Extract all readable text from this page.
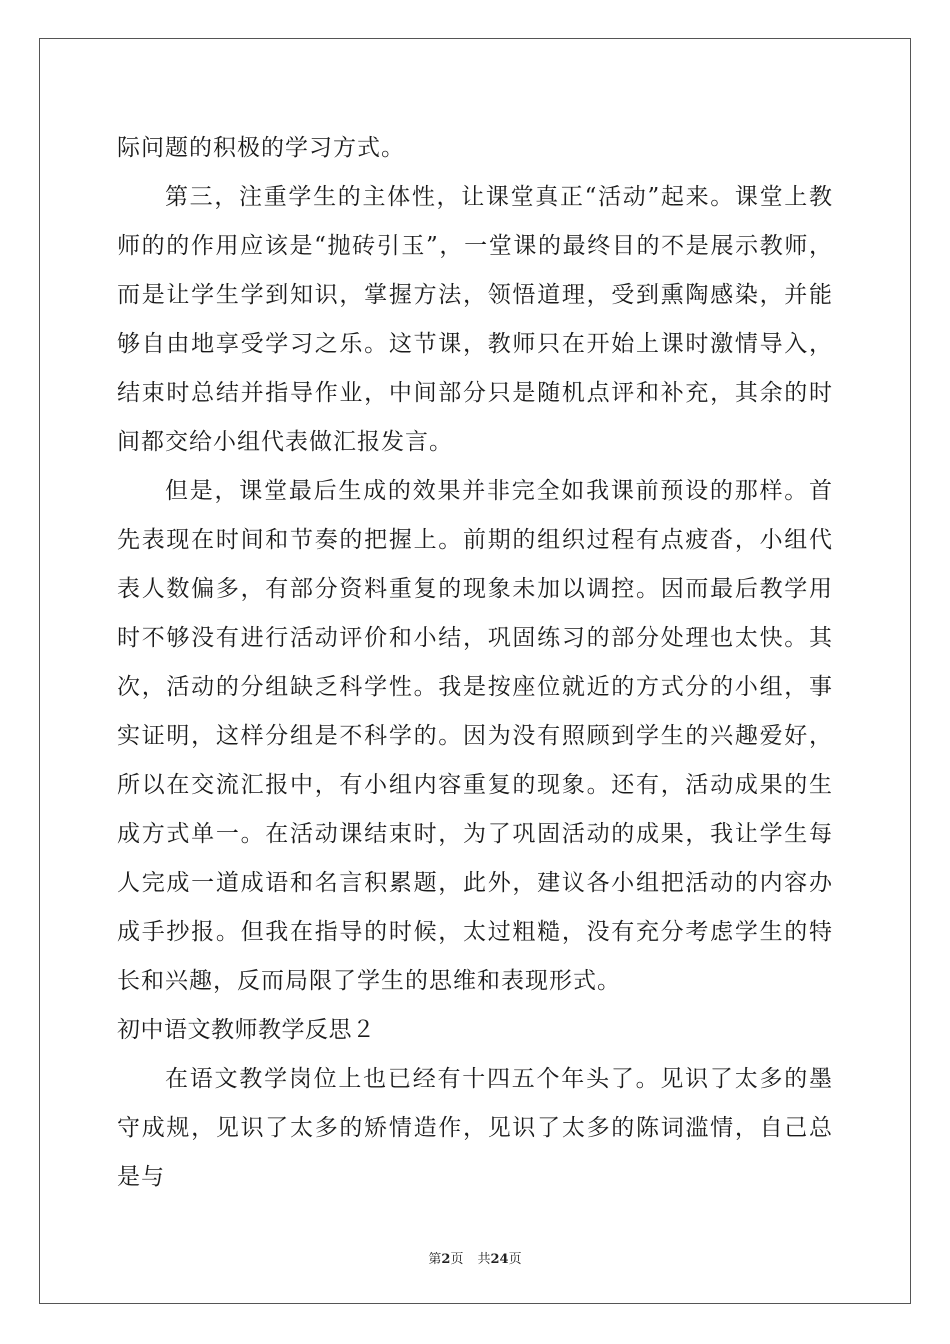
际问题的积极的学习方式。

第三，注重学生的主体性，让课堂真正“活动”起来。课堂上教师的的作用应该是“抛砖引玉”，一堂课的最终目的不是展示教师，而是让学生学到知识，掌握方法，领悟道理，受到熏陶感染，并能够自由地享受学习之乐。这节课，教师只在开始上课时激情导入，结束时总结并指导作业，中间部分只是随机点评和补充，其余的时间都交给小组代表做汇报发言。

但是，课堂最后生成的效果并非完全如我课前预设的那样。首先表现在时间和节奏的把握上。前期的组织过程有点疲沓，小组代表人数偏多，有部分资料重复的现象未加以调控。因而最后教学用时不够没有进行活动评价和小结，巩固练习的部分处理也太快。其次，活动的分组缺乏科学性。我是按座位就近的方式分的小组，事实证明，这样分组是不科学的。因为没有照顾到学生的兴趣爱好，所以在交流汇报中，有小组内容重复的现象。还有，活动成果的生成方式单一。在活动课结束时，为了巩固活动的成果，我让学生每人完成一道成语和名言积累题，此外，建议各小组把活动的内容办成手抄报。但我在指导的时候，太过粗糙，没有充分考虑学生的特长和兴趣，反而局限了学生的思维和表现形式。

初中语文教师教学反思２

在语文教学岗位上也已经有十四五个年头了。见识了太多的墨守成规，见识了太多的矫情造作，见识了太多的陈词滥情，自己总是与

第2页 共24页
